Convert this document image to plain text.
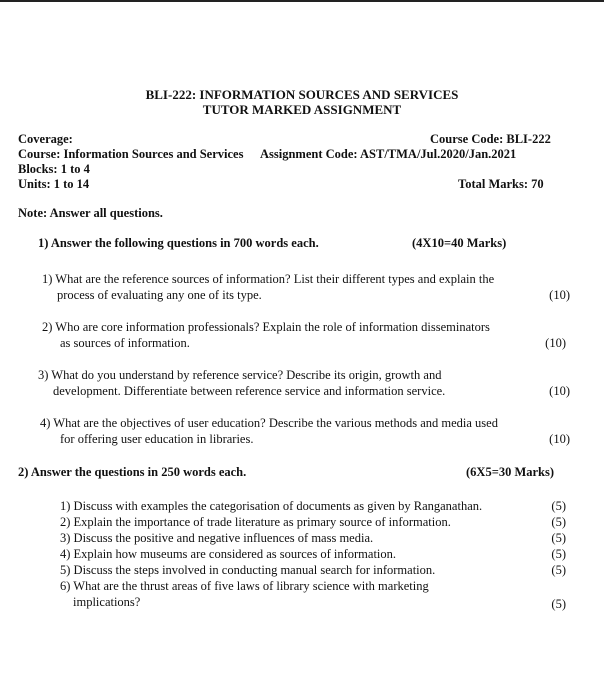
BLI-222: INFORMATION SOURCES AND SERVICES
TUTOR MARKED ASSIGNMENT
Coverage:	Course Code: BLI-222
Course: Information Sources and Services Assignment Code: AST/TMA/Jul.2020/Jan.2021
Blocks: 1 to 4
Units: 1 to 14	Total Marks: 70
Note: Answer all questions.
1) Answer the following questions in 700 words each.	(4X10=40 Marks)
1) What are the reference sources of information? List their different types and explain the
process of evaluating any one of its type.	(10)
2) Who are core information professionals? Explain the role of information disseminators
as sources of information.	(10)
3) What do you understand by reference service? Describe its origin, growth and
development. Differentiate between reference service and information service.	(10)
4) What are the objectives of user education? Describe the various methods and media used
for offering user education in libraries.	(10)
2) Answer the questions in 250 words each.	(6X5=30 Marks)
1) Discuss with examples the categorisation of documents as given by Ranganathan.	(5)
2) Explain the importance of trade literature as primary source of information.	(5)
3) Discuss the positive and negative influences of mass media.	(5)
4) Explain how museums are considered as sources of information.	(5)
5) Discuss the steps involved in conducting manual search for information.	(5)
6) What are the thrust areas of five laws of library science with marketing
implications?	(5)
